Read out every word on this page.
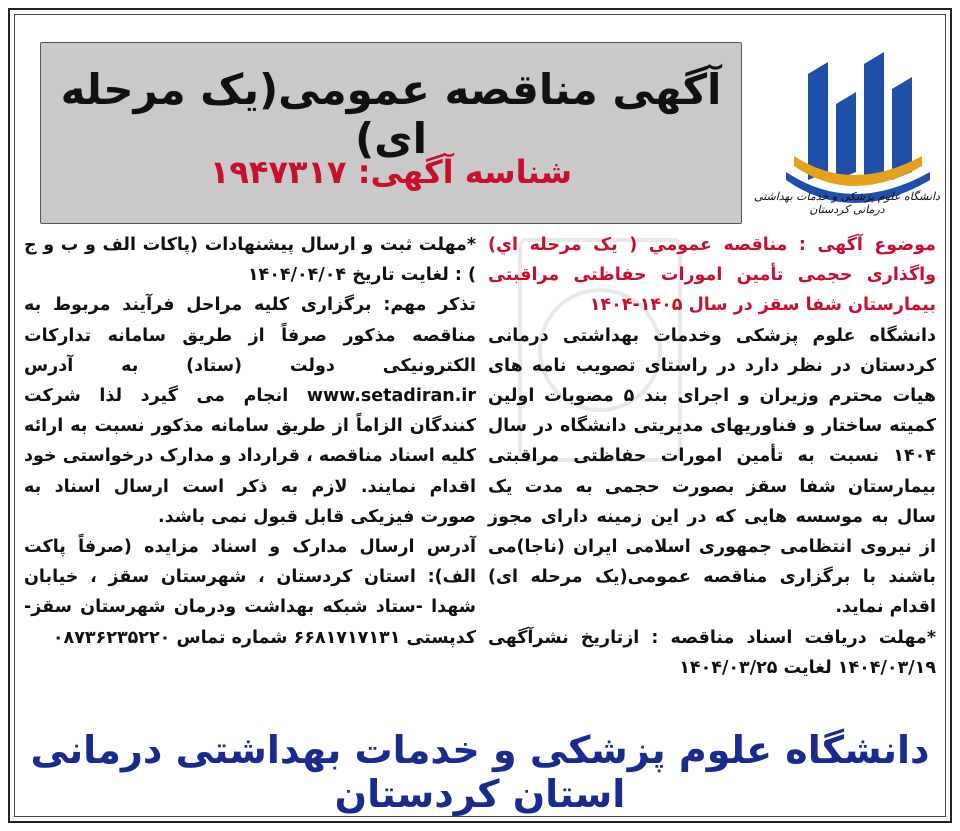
آگهی مناقصه عمومی(یک مرحله ای)
شناسه آگهی: ۱۹۴۷۳۱۷
دانشگاه علوم پزشکی و خدمات بهداشتی درمانی کردستان

موضوع آگهی : مناقصه عمومي ( يک مرحله اي) واگذاری حجمی تأمین امورات حفاظتی مراقبتی بیمارستان شفا سقز در سال ۱۴۰۵-۱۴۰۴

دانشگاه علوم پزشکی وخدمات بهداشتی درمانی کردستان در نظر دارد در راستای تصویب نامه های هیات محترم وزیران و اجرای بند ۵ مصوبات اولین کمیته ساختار و فناوریهای مدیریتی دانشگاه در سال ۱۴۰۴ نسبت به تأمین امورات حفاظتی مراقبتی بیمارستان شفا سقز بصورت حجمی به مدت یک سال به موسسه هایی که در این زمینه دارای مجوز از نیروی انتظامی جمهوری اسلامی ایران (ناجا)می باشند با برگزاری مناقصه عمومی(یک مرحله ای) اقدام نماید.

*مهلت دریافت اسناد مناقصه : ازتاریخ نشرآگهی ۱۴۰۴/۰۳/۱۹ لغایت ۱۴۰۴/۰۳/۲۵

*مهلت ثبت و ارسال پیشنهادات (پاکات الف و ب و ج ) : لغایت تاریخ ۱۴۰۴/۰۴/۰۴

تذکر مهم: برگزاری کلیه مراحل فرآیند مربوط به مناقصه مذکور صرفاً از طریق سامانه تدارکات الکترونیکی دولت (ستاد) به آدرس www.setadiran.ir انجام می گیرد لذا شرکت کنندگان الزاماً از طریق سامانه مذکور نسبت به ارائه کلیه اسناد مناقصه ، قرارداد و مدارک درخواستی خود اقدام نمایند. لازم به ذکر است ارسال اسناد به صورت فیزیکی قابل قبول نمی باشد.

آدرس ارسال مدارک و اسناد مزایده (صرفاً پاکت الف): استان کردستان ، شهرستان سقز ، خیابان شهدا -ستاد شبکه بهداشت ودرمان شهرستان سقز-کدپستی ۶۶۸۱۷۱۷۱۳۱ شماره تماس ۰۸۷۳۶۲۳۵۲۲۰

دانشگاه علوم پزشکی و خدمات بهداشتی درمانی استان کردستان
